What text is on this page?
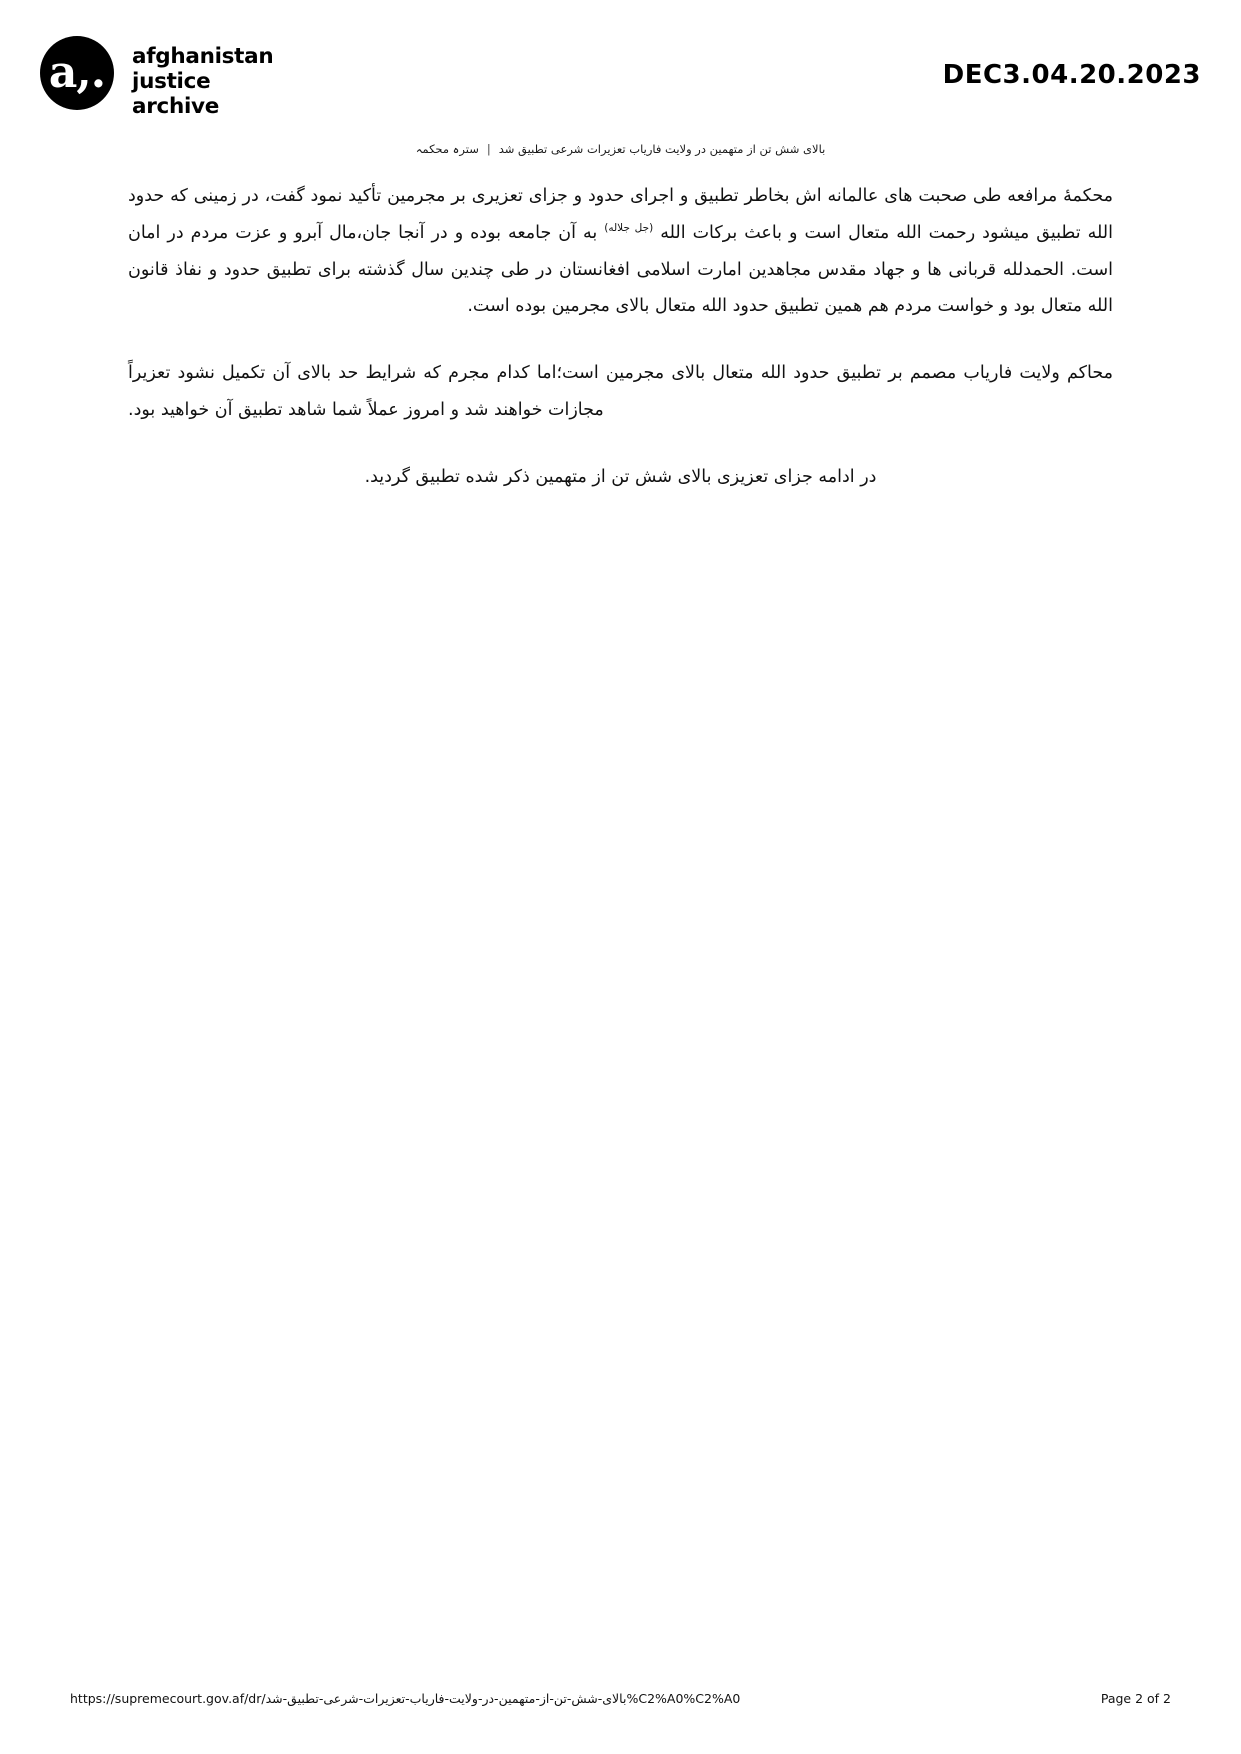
a,.	afghanistan
justice
archive
DEC3.04.20.2023
بالای شش تن از متهمین در ولایت فاریاب تعزیرات شرعی تطبیق شد|سترہ محکمہ

محکمۀ مرافعه طی صحبت های عالمانه اش بخاطر تطبیق و اجرای حدود و جزای تعزیری بر مجرمین تأکید نمود گفت، در زمینی که حدود الله تطبیق میشود رحمت الله متعال است و باعث برکات الله $^{(جل جلاله)}$ به آن جامعه بوده و در آنجا جان،مال آبرو و عزت مردم در امان است. الحمدلله قربانی ها و جهاد مقدس مجاهدین امارت اسلامی افغانستان در طی چندین سال گذشته برای تطبیق حدود و نفاذ قانون الله متعال بود و خواست مردم هم همین تطبیق حدود الله متعال بالای مجرمین بوده است.

محاکم ولایت فاریاب مصمم بر تطبیق حدود الله متعال بالای مجرمین است؛اما کدام مجرم که شرایط حد بالای آن تکمیل نشود تعزیراً مجازات خواهند شد و امروز عملاً شما شاهد تطبیق آن خواهید بود.

در ادامه جزای تعزیزی بالای شش تن از متهمین ذکر شده تطبیق گردید.

https://supremecourt.gov.af/dr/بالای-شش-تن-از-متهمین-در-ولایت-فاریاب-تعزیرات-شرعی-تطبیق-شد%C2%A0%C2%A0	Page 2 of 2
